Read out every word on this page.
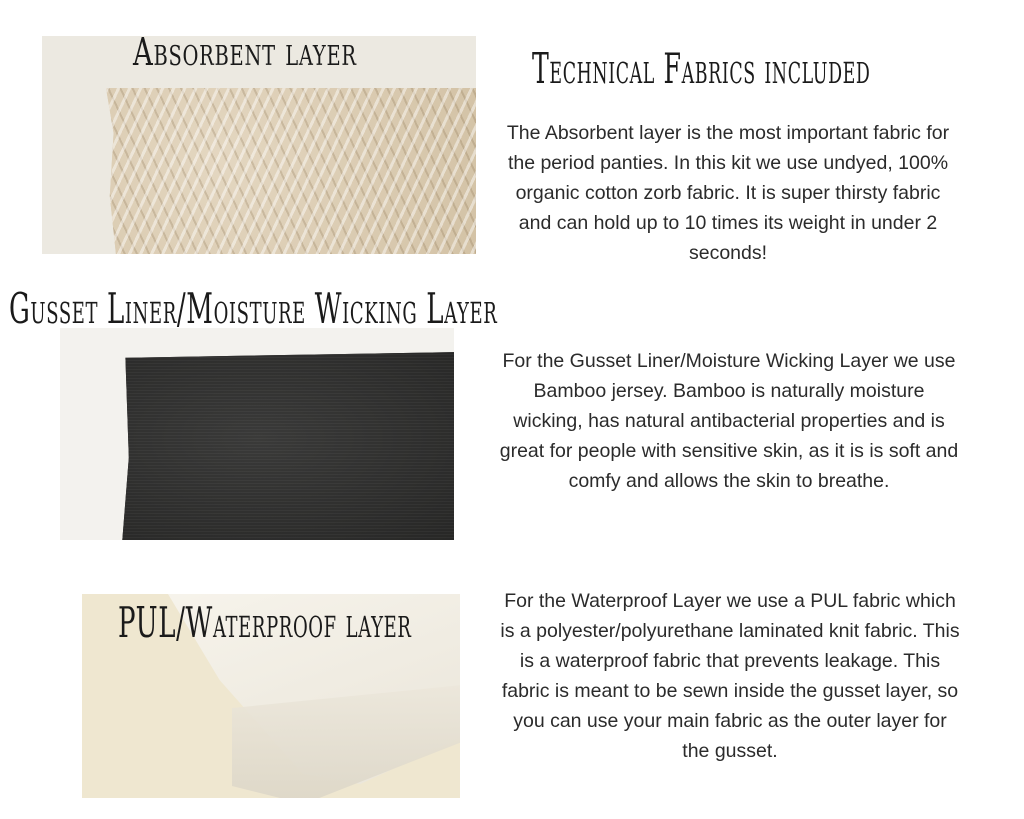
Absorbent layer
Gusset Liner/Moisture Wicking Layer
PUL/Waterproof layer
Technical Fabrics included
The Absorbent layer is the most important fabric for the period panties. In this kit we use undyed, 100% organic cotton zorb fabric. It is super thirsty fabric and can hold up to 10 times its weight in under 2 seconds!
For the Gusset Liner/Moisture Wicking Layer we use Bamboo jersey. Bamboo is naturally moisture wicking, has natural antibacterial properties and is great for people with sensitive skin, as it is is soft and comfy and allows the skin to breathe.
For the Waterproof Layer we use a PUL fabric which is a polyester/polyurethane laminated knit fabric. This is a waterproof fabric that prevents leakage. This fabric is meant to be sewn inside the gusset layer, so you can use your main fabric as the outer layer for the gusset.
